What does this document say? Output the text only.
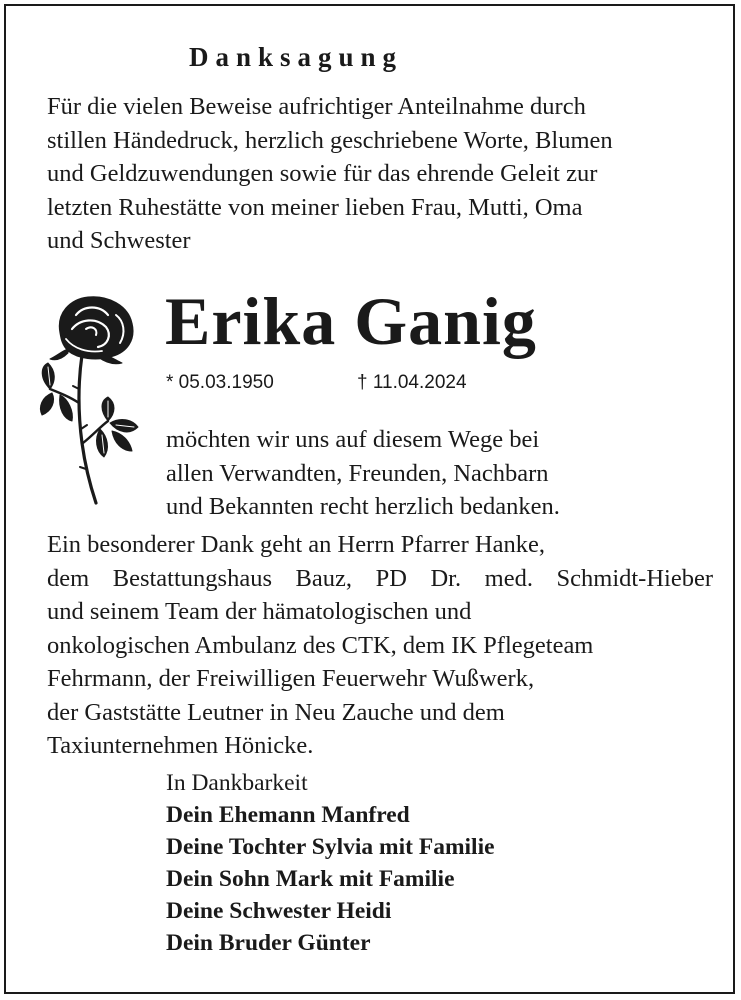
Danksagung
Für die vielen Beweise aufrichtiger Anteilnahme durch
stillen Händedruck, herzlich geschriebene Worte, Blumen
und Geldzuwendungen sowie für das ehrende Geleit zur
letzten Ruhestätte von meiner lieben Frau, Mutti, Oma
und Schwester
Erika Ganig
* 05.03.1950	† 11.04.2024
möchten wir uns auf diesem Wege bei
allen Verwandten, Freunden, Nachbarn
und Bekannten recht herzlich bedanken.
Ein besonderer Dank geht an Herrn Pfarrer Hanke,
dem Bestattungshaus Bauz, PD Dr. med. Schmidt-Hieber
und seinem Team der hämatologischen und
onkologischen Ambulanz des CTK, dem IK Pflegeteam
Fehrmann, der Freiwilligen Feuerwehr Wußwerk,
der Gaststätte Leutner in Neu Zauche und dem
Taxiunternehmen Hönicke.
In Dankbarkeit
Dein Ehemann Manfred
Deine Tochter Sylvia mit Familie
Dein Sohn Mark mit Familie
Deine Schwester Heidi
Dein Bruder Günter
